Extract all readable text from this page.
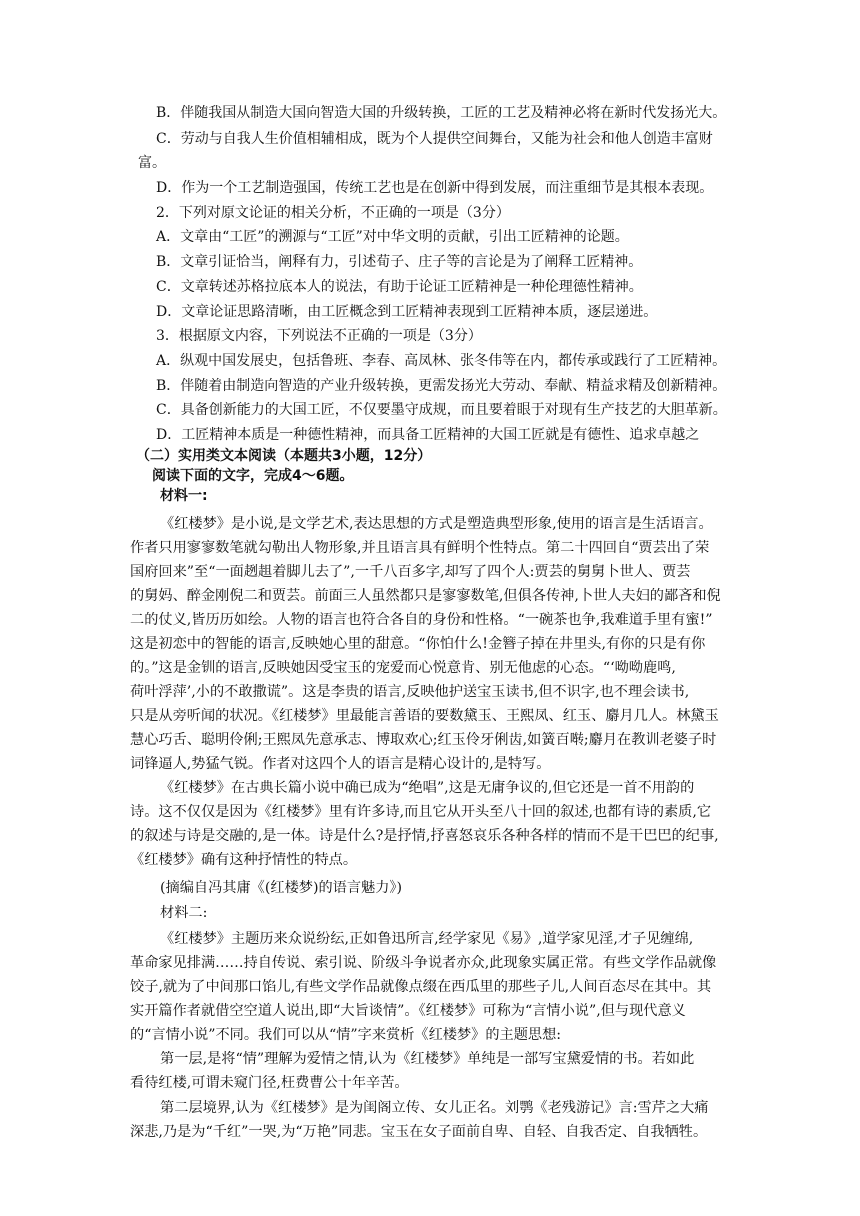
B．伴随我国从制造大国向智造大国的升级转换，工匠的工艺及精神必将在新时代发扬光大。
C．劳动与自我人生价值相辅相成，既为个人提供空间舞台，又能为社会和他人创造丰富财
富。
D．作为一个工艺制造强国，传统工艺也是在创新中得到发展，而注重细节是其根本表现。
2．下列对原文论证的相关分析，不正确的一项是（3分）
A．文章由“工匠”的溯源与“工匠”对中华文明的贡献，引出工匠精神的论题。
B．文章引证恰当，阐释有力，引述荀子、庄子等的言论是为了阐释工匠精神。
C．文章转述苏格拉底本人的说法，有助于论证工匠精神是一种伦理德性精神。
D．文章论证思路清晰，由工匠概念到工匠精神表现到工匠精神本质，逐层递进。
3．根据原文内容，下列说法不正确的一项是（3分）
A．纵观中国发展史，包括鲁班、李春、高凤林、张冬伟等在内，都传承或践行了工匠精神。
B．伴随着由制造向智造的产业升级转换，更需发扬光大劳动、奉献、精益求精及创新精神。
C．具备创新能力的大国工匠，不仅要墨守成规，而且要着眼于对现有生产技艺的大胆革新。
D．工匠精神本质是一种德性精神，而具备工匠精神的大国工匠就是有德性、追求卓越之
（二）实用类文本阅读（本题共3小题，12分）
阅读下面的文字，完成4～6题。
材料一:
《红楼梦》是小说,是文学艺术,表达思想的方式是塑造典型形象,使用的语言是生活语言。
作者只用寥寥数笔就勾勒出人物形象,并且语言具有鲜明个性特点。第二十四回自“贾芸出了荣
国府回来”至“一面趔趄着脚儿去了”,一千八百多字,却写了四个人:贾芸的舅舅卜世人、贾芸
的舅妈、醉金刚倪二和贾芸。前面三人虽然都只是寥寥数笔,但俱各传神,卜世人夫妇的鄙吝和倪
二的仗义,皆历历如绘。人物的语言也符合各自的身份和性格。“一碗茶也争,我难道手里有蜜!”
这是初恋中的智能的语言,反映她心里的甜意。“你怕什么!金簪子掉在井里头,有你的只是有你
的。”这是金钏的语言,反映她因受宝玉的宠爱而心悦意肯、别无他虑的心态。“‘呦呦鹿鸣,
荷叶浮萍’,小的不敢撒谎”。这是李贵的语言,反映他护送宝玉读书,但不识字,也不理会读书,
只是从旁听闻的状况。《红楼梦》里最能言善语的要数黛玉、王熙凤、红玉、麝月几人。林黛玉
慧心巧舌、聪明伶俐;王熙凤先意承志、博取欢心;红玉伶牙俐齿,如簧百啭;麝月在教训老婆子时
词锋逼人,势猛气锐。作者对这四个人的语言是精心设计的,是特写。
《红楼梦》在古典长篇小说中确已成为“绝唱”,这是无庸争议的,但它还是一首不用韵的
诗。这不仅仅是因为《红楼梦》里有许多诗,而且它从开头至八十回的叙述,也都有诗的素质,它
的叙述与诗是交融的,是一体。诗是什么?是抒情,抒喜怒哀乐各种各样的情而不是干巴巴的纪事,
《红楼梦》确有这种抒情性的特点。
(摘编自冯其庸《(红楼梦)的语言魅力》)
材料二:
《红楼梦》主题历来众说纷纭,正如鲁迅所言,经学家见《易》,道学家见淫,才子见缠绵,
革命家见排满……持自传说、索引说、阶级斗争说者亦众,此现象实属正常。有些文学作品就像
饺子,就为了中间那口馅儿,有些文学作品就像点缀在西瓜里的那些子儿,人间百态尽在其中。其
实开篇作者就借空空道人说出,即“大旨谈情”。《红楼梦》可称为“言情小说”,但与现代意义
的“言情小说”不同。我们可以从“情”字来赏析《红楼梦》的主题思想:
第一层,是将“情”理解为爱情之情,认为《红楼梦》单纯是一部写宝黛爱情的书。若如此
看待红楼,可谓未窥门径,枉费曹公十年辛苦。
第二层境界,认为《红楼梦》是为闺阁立传、女儿正名。刘鹗《老残游记》言:雪芹之大痛
深悲,乃是为“千红”一哭,为“万艳”同悲。宝玉在女子面前自卑、自轻、自我否定、自我牺牲。
